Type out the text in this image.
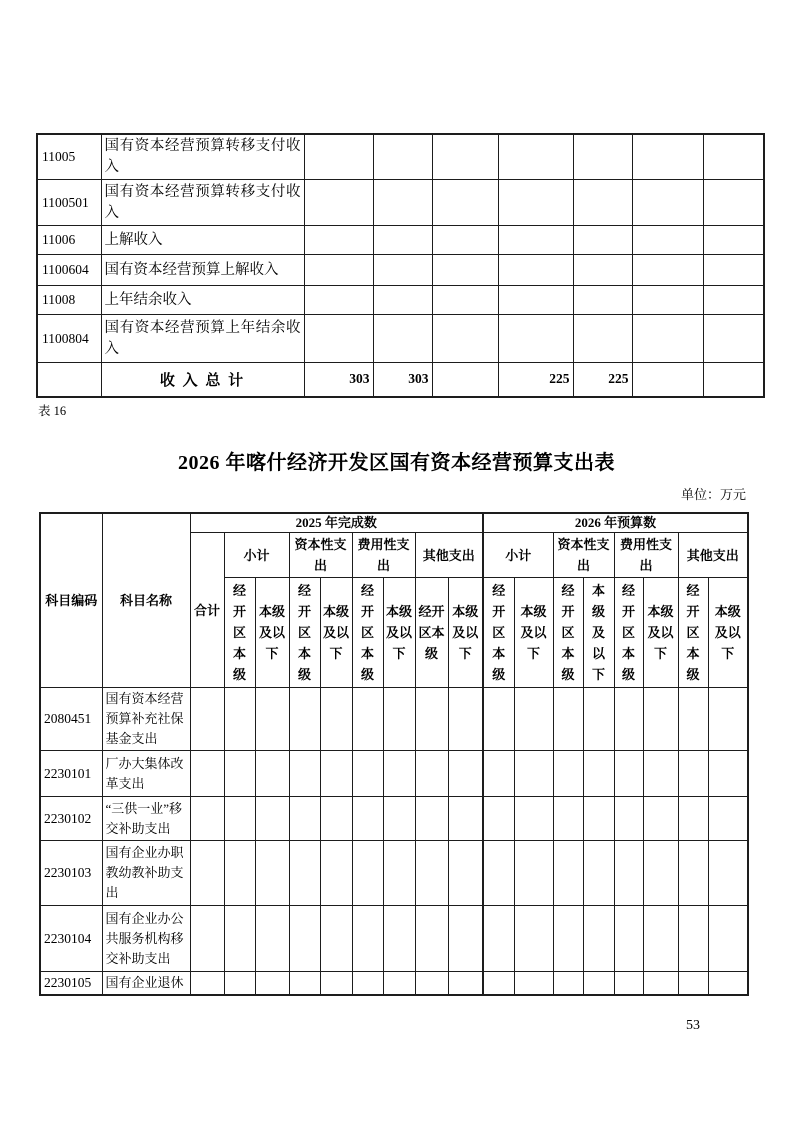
11005	国有资本经营预算转移支付收入							
1100501	国有资本经营预算转移支付收入							
11006	上解收入							
1100604	国有资本经营预算上解收入							
11008	上年结余收入							
1100804	国有资本经营预算上年结余收入							
	收 入 总 计	303	303		225	225		
表 16
2026 年喀什经济开发区国有资本经营预算支出表
单位：万元
科目编码	科目名称	2025 年完成数									2026 年预算数							
		合计	小计		资本性支出		费用性支出		其他支出		小计		资本性支出		费用性支出		其他支出	
			经开区本级	本级及以下	经开区本级	本级及以下	经开区本级	本级及以下	经开区本级	本级及以下	经开区本级	本级及以下	经开区本级	本级及以下	经开区本级	本级及以下	经开区本级	本级及以下
2080451	国有资本经营预算补充社保基金支出																	
2230101	厂办大集体改革支出																	
2230102	“三供一业”移交补助支出																	
2230103	国有企业办职教幼教补助支出																	
2230104	国有企业办公共服务机构移交补助支出																	
2230105	国有企业退休																	
53
